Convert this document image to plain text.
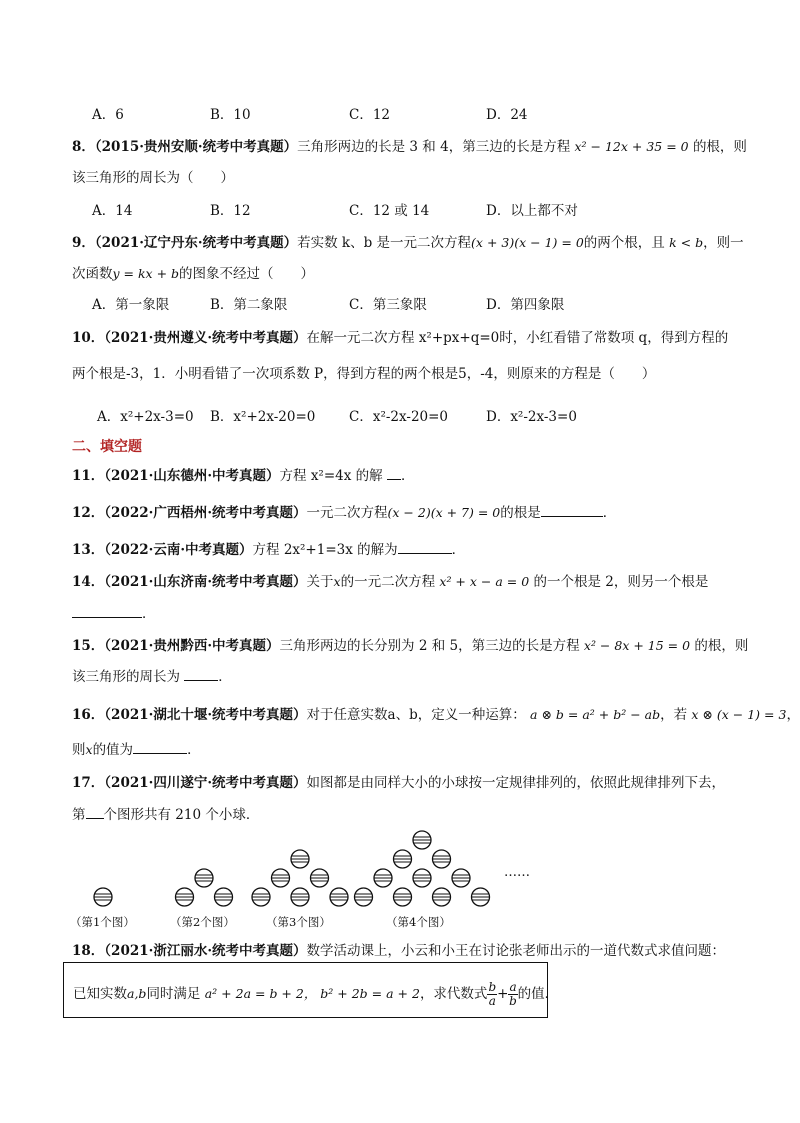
A．6	B．10	C．12	D．24
8．（2015·贵州安顺·统考中考真题）三角形两边的长是 3 和 4，第三边的长是方程 x² − 12x + 35 = 0 的根，则
该三角形的周长为（　　）
A．14	B．12	C．12 或 14	D．以上都不对
9．（2021·辽宁丹东·统考中考真题）若实数 k、b 是一元二次方程(x + 3)(x − 1) = 0的两个根，且 k < b，则一
次函数y = kx + b的图象不经过（　　）
A．第一象限	B．第二象限	C．第三象限	D．第四象限
10．（2021·贵州遵义·统考中考真题）在解一元二次方程 x²+px+q=0时，小红看错了常数项 q，得到方程的
两个根是-3，1．小明看错了一次项系数 P，得到方程的两个根是5，-4，则原来的方程是（　　）
A．x²+2x-3=0 B．x²+2x-20=0 C．x²-2x-20=0	D．x²-2x-3=0
二、填空题
11．（2021·山东德州·中考真题）方程 x²=4x 的解 ．
12．（2022·广西梧州·统考中考真题）一元二次方程(x − 2)(x + 7) = 0的根是	．
13．（2022·云南·中考真题）方程 2x²+1=3x 的解为	．
14．（2021·山东济南·统考中考真题）关于x的一元二次方程 x² + x − a = 0 的一个根是 2，则另一个根是
．
15．（2021·贵州黔西·中考真题）三角形两边的长分别为 2 和 5，第三边的长是方程 x² − 8x + 15 = 0 的根，则
该三角形的周长为	．
16．（2021·湖北十堰·统考中考真题）对于任意实数a、b，定义一种运算： a ⊗ b = a² + b² − ab，若 x ⊗ (x − 1) = 3，
则x的值为	．
17．（2021·四川遂宁·统考中考真题）如图都是由同样大小的小球按一定规律排列的，依照此规律排列下去，
第 个图形共有 210 个小球．
（第1个图）	（第2个图）	（第3个图）	（第4个图）
……
18．（2021·浙江丽水·统考中考真题）数学活动课上，小云和小王在讨论张老师出示的一道代数式求值问题：
已知实数a,b同时满足 a² + 2a = b + 2， b² + 2b = a + 2，求代数式 $\frac{b}{a} + \frac{a}{b}$ 的值．
